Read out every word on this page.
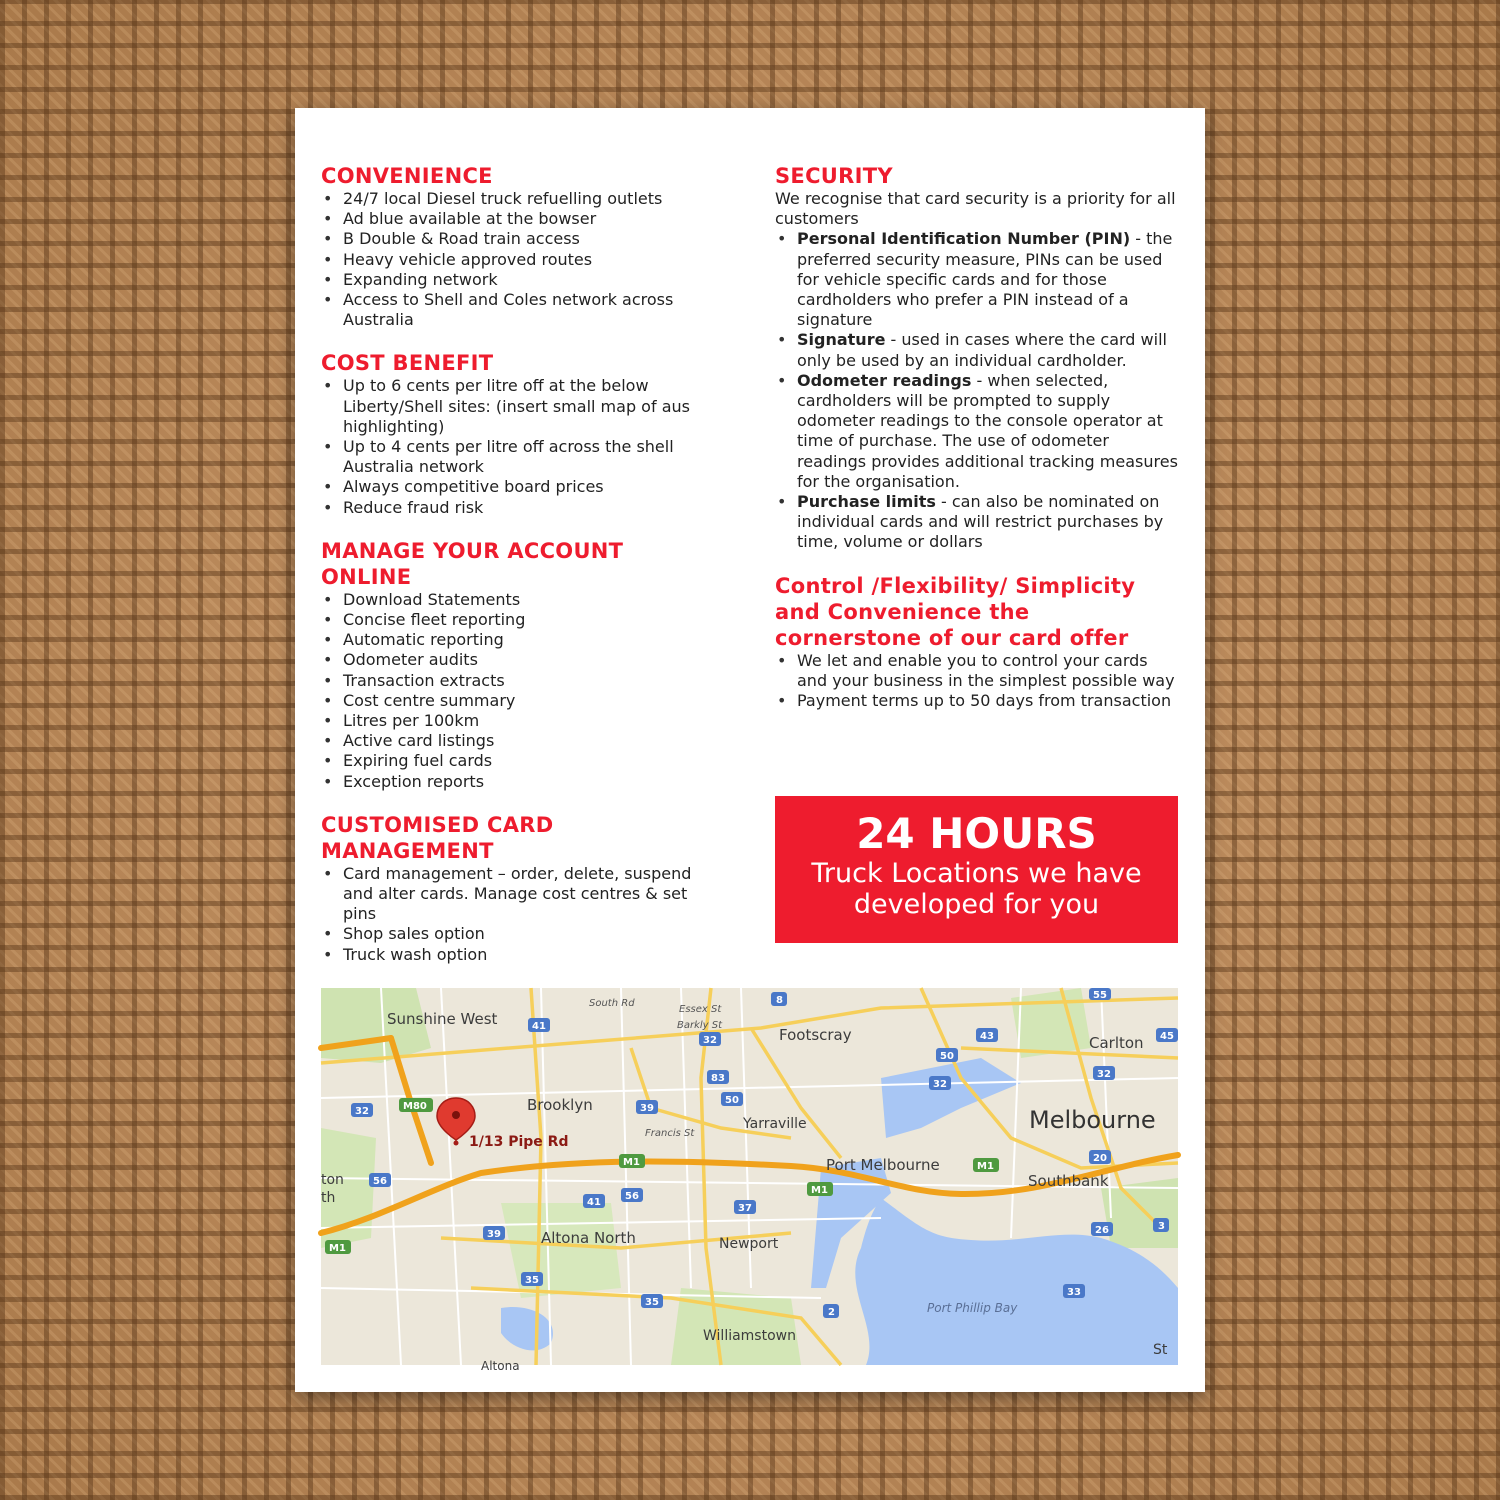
CONVENIENCE
• 24/7 local Diesel truck refuelling outlets
• Ad blue available at the bowser
• B Double & Road train access
• Heavy vehicle approved routes
• Expanding network
• Access to Shell and Coles network across Australia
COST BENEFIT
• Up to 6 cents per litre off at the below Liberty/Shell sites: (insert small map of aus highlighting)
• Up to 4 cents per litre off across the shell Australia network
• Always competitive board prices
• Reduce fraud risk
MANAGE YOUR ACCOUNT ONLINE
• Download Statements
• Concise fleet reporting
• Automatic reporting
• Odometer audits
• Transaction extracts
• Cost centre summary
• Litres per 100km
• Active card listings
• Expiring fuel cards
• Exception reports
CUSTOMISED CARD MANAGEMENT
• Card management – order, delete, suspend and alter cards. Manage cost centres & set pins
• Shop sales option
• Truck wash option
SECURITY

We recognise that card security is a priority for all customers

• Personal Identification Number (PIN) - the preferred security measure, PINs can be used for vehicle specific cards and for those cardholders who prefer a PIN instead of a signature
• Signature - used in cases where the card will only be used by an individual cardholder.
• Odometer readings - when selected, cardholders will be prompted to supply odometer readings to the console operator at time of purchase. The use of odometer readings provides additional tracking measures for the organisation.
• Purchase limits - can also be nominated on individual cards and will restrict purchases by time, volume or dollars
Control /Flexibility/ Simplicity and Convenience the cornerstone of our card offer
• We let and enable you to control your cards and your business in the simplest possible way
• Payment terms up to 50 days from transaction
24 HOURS
Truck Locations we have developed for you
41
32
83
50
8
43	45
55
M80
32	39
50
32
M1	M1
M1
20
56
41
56
37
26	3
39
35
35
33
2
M1
32
Sunshine West
Footscray	Carlton
Brooklyn
Yarraville	Melbourne
Port Melbourne
Southbank
Altona North	Newport
Williamstown
Port Phillip Bay
ton
th
St
Altona
South Rd
Essex St
Barkly St
Francis St
1/13 Pipe Rd
